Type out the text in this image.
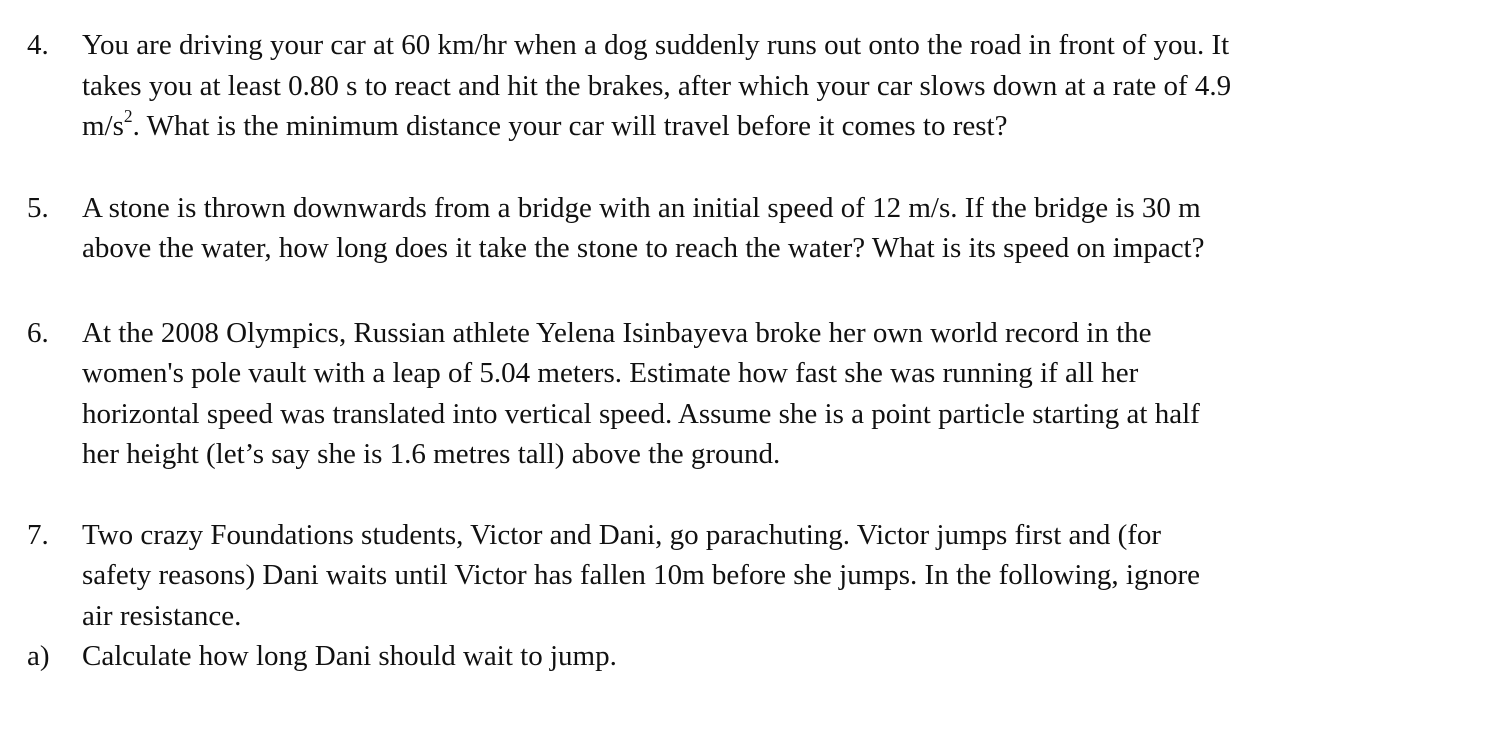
4. You are driving your car at 60 km/hr when a dog suddenly runs out onto the road in front of you. It
takes you at least 0.80 s to react and hit the brakes, after which your car slows down at a rate of 4.9
$m/s^2$. What is the minimum distance your car will travel before it comes to rest?
5. A stone is thrown downwards from a bridge with an initial speed of 12 m/s. If the bridge is 30 m
above the water, how long does it take the stone to reach the water? What is its speed on impact?
6. At the 2008 Olympics, Russian athlete Yelena Isinbayeva broke her own world record in the
women's pole vault with a leap of 5.04 meters. Estimate how fast she was running if all her
horizontal speed was translated into vertical speed. Assume she is a point particle starting at half
her height (let’s say she is 1.6 metres tall) above the ground.
7. Two crazy Foundations students, Victor and Dani, go parachuting. Victor jumps first and (for
safety reasons) Dani waits until Victor has fallen 10m before she jumps. In the following, ignore
air resistance.
a) Calculate how long Dani should wait to jump.
